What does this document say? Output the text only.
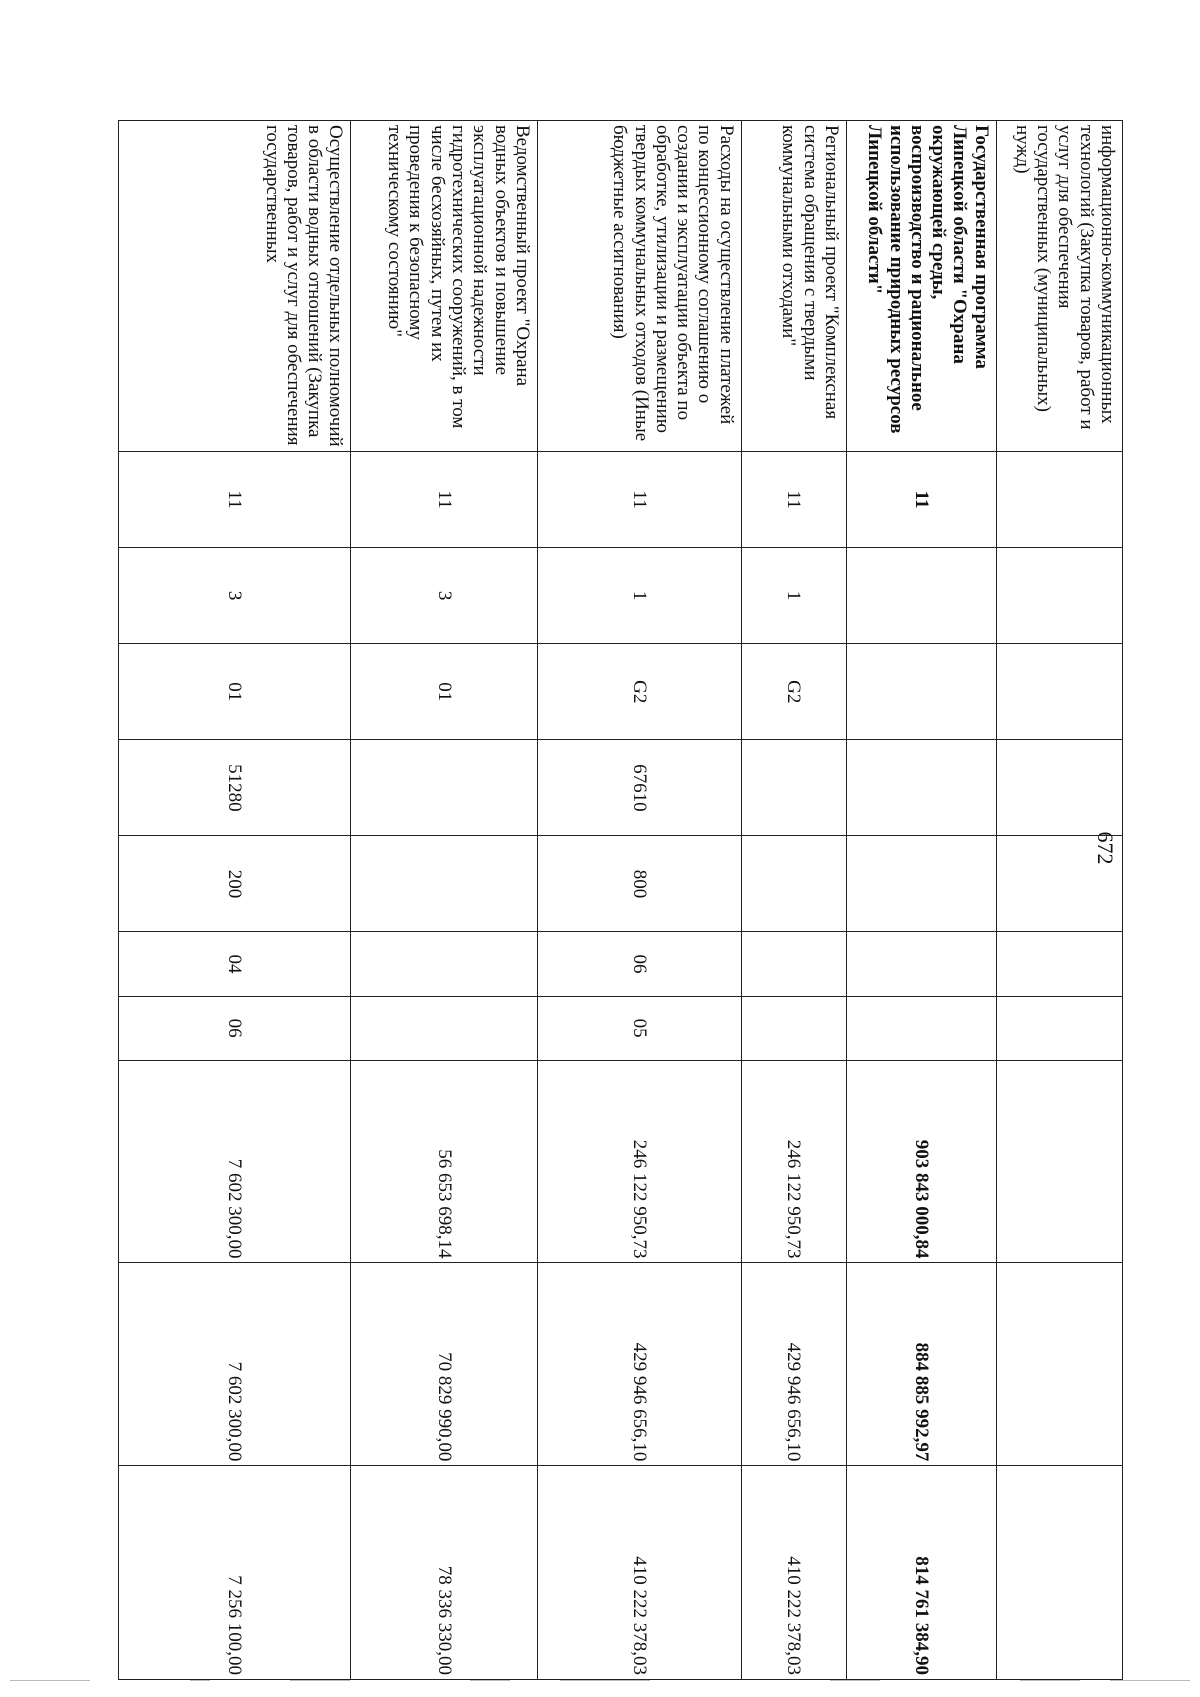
672
информационно-коммуникационных технологий (Закупка товаров, работ и услуг для обеспечения государственных (муниципальных) нужд)										
Государственная программа Липецкой области "Охрана окружающей среды, воспроизводство и рациональное использование природных ресурсов Липецкой области"	11							903 843 000,84	884 885 992,97	814 761 384,90
Региональный проект "Комплексная система обращения с твердыми коммунальными отходами"	11	1	G2					246 122 950,73	429 946 656,10	410 222 378,03
Расходы на осуществление платежей по концессионному соглашению о создании и эксплуатации объекта по обработке, утилизации и размещению твердых коммунальных отходов (Иные бюджетные ассигнования)	11	1	G2	67610	800	06	05	246 122 950,73	429 946 656,10	410 222 378,03
Ведомственный проект "Охрана водных объектов и повышение эксплуатационной надежности гидротехнических сооружений, в том числе бесхозяйных, путем их проведения к безопасному техническому состоянию"	11	3	01					56 653 698,14	70 829 990,00	78 336 330,00
Осуществление отдельных полномочий в области водных отношений (Закупка товаров, работ и услуг для обеспечения государственных	11	3	01	51280	200	04	06	7 602 300,00	7 602 300,00	7 256 100,00
